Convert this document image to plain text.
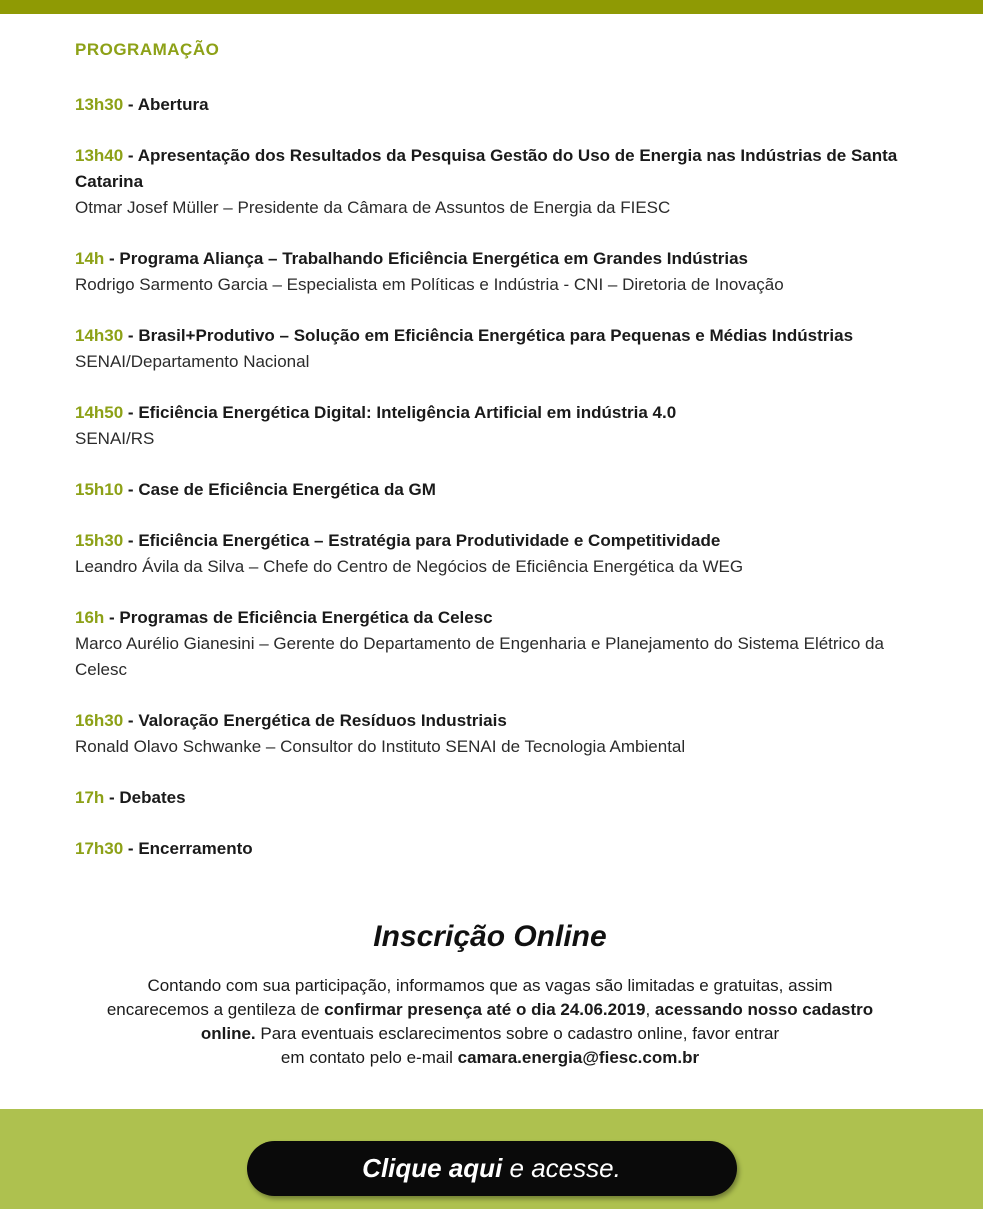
PROGRAMAÇÃO

13h30 - Abertura

13h40 - Apresentação dos Resultados da Pesquisa Gestão do Uso de Energia nas Indústrias de Santa Catarina

Otmar Josef Müller – Presidente da Câmara de Assuntos de Energia da FIESC

14h - Programa Aliança – Trabalhando Eficiência Energética em Grandes Indústrias

Rodrigo Sarmento Garcia – Especialista em Políticas e Indústria - CNI – Diretoria de Inovação

14h30 - Brasil+Produtivo – Solução em Eficiência Energética para Pequenas e Médias Indústrias

SENAI/Departamento Nacional

14h50 - Eficiência Energética Digital: Inteligência Artificial em indústria 4.0

SENAI/RS

15h10 - Case de Eficiência Energética da GM

15h30 - Eficiência Energética – Estratégia para Produtividade e Competitividade

Leandro Ávila da Silva – Chefe do Centro de Negócios de Eficiência Energética da WEG

16h - Programas de Eficiência Energética da Celesc

Marco Aurélio Gianesini – Gerente do Departamento de Engenharia e Planejamento do Sistema Elétrico da Celesc

16h30 - Valoração Energética de Resíduos Industriais

Ronald Olavo Schwanke – Consultor do Instituto SENAI de Tecnologia Ambiental

17h - Debates

17h30 - Encerramento

Inscrição Online
Contando com sua participação, informamos que as vagas são limitadas e gratuitas, assim
encarecemos a gentileza de confirmar presença até o dia 24.06.2019, acessando nosso cadastro
online. Para eventuais esclarecimentos sobre o cadastro online, favor entrar
em contato pelo e-mail camara.energia@fiesc.com.br
Clique aqui e acesse.
